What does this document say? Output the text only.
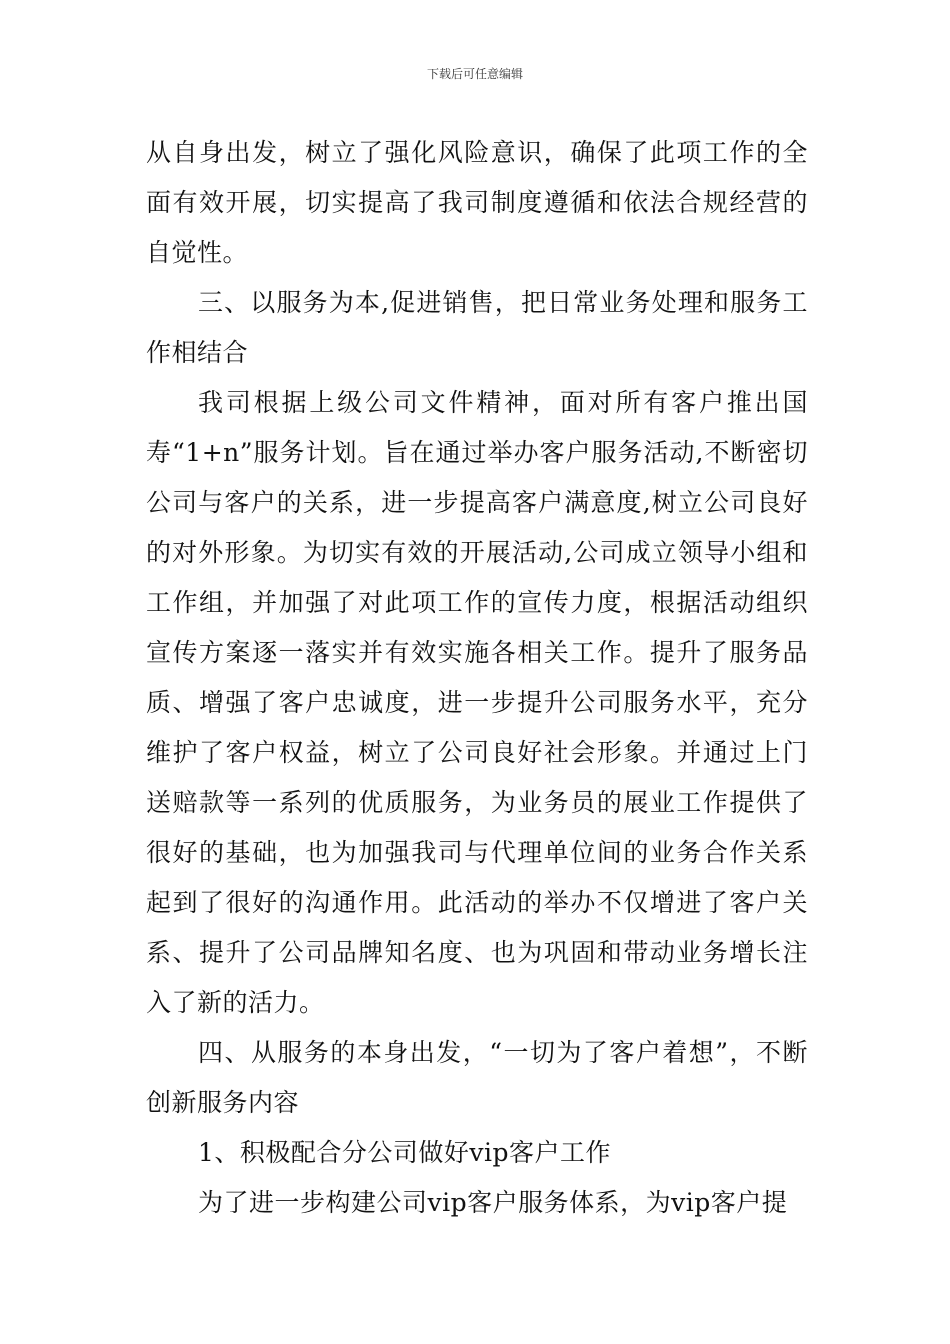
下载后可任意编辑

从自身出发，树立了强化风险意识，确保了此项工作的全面有效开展，切实提高了我司制度遵循和依法合规经营的自觉性。

三、以服务为本,促进销售，把日常业务处理和服务工作相结合

我司根据上级公司文件精神，面对所有客户推出国寿“1+n”服务计划。旨在通过举办客户服务活动,不断密切公司与客户的关系，进一步提高客户满意度,树立公司良好的对外形象。为切实有效的开展活动,公司成立领导小组和工作组，并加强了对此项工作的宣传力度，根据活动组织宣传方案逐一落实并有效实施各相关工作。提升了服务品质、增强了客户忠诚度，进一步提升公司服务水平，充分维护了客户权益，树立了公司良好社会形象。并通过上门送赔款等一系列的优质服务，为业务员的展业工作提供了很好的基础，也为加强我司与代理单位间的业务合作关系起到了很好的沟通作用。此活动的举办不仅增进了客户关系、提升了公司品牌知名度、也为巩固和带动业务增长注入了新的活力。

四、从服务的本身出发，“一切为了客户着想”，不断创新服务内容

1、积极配合分公司做好vip客户工作

为了进一步构建公司vip客户服务体系，为vip客户提
